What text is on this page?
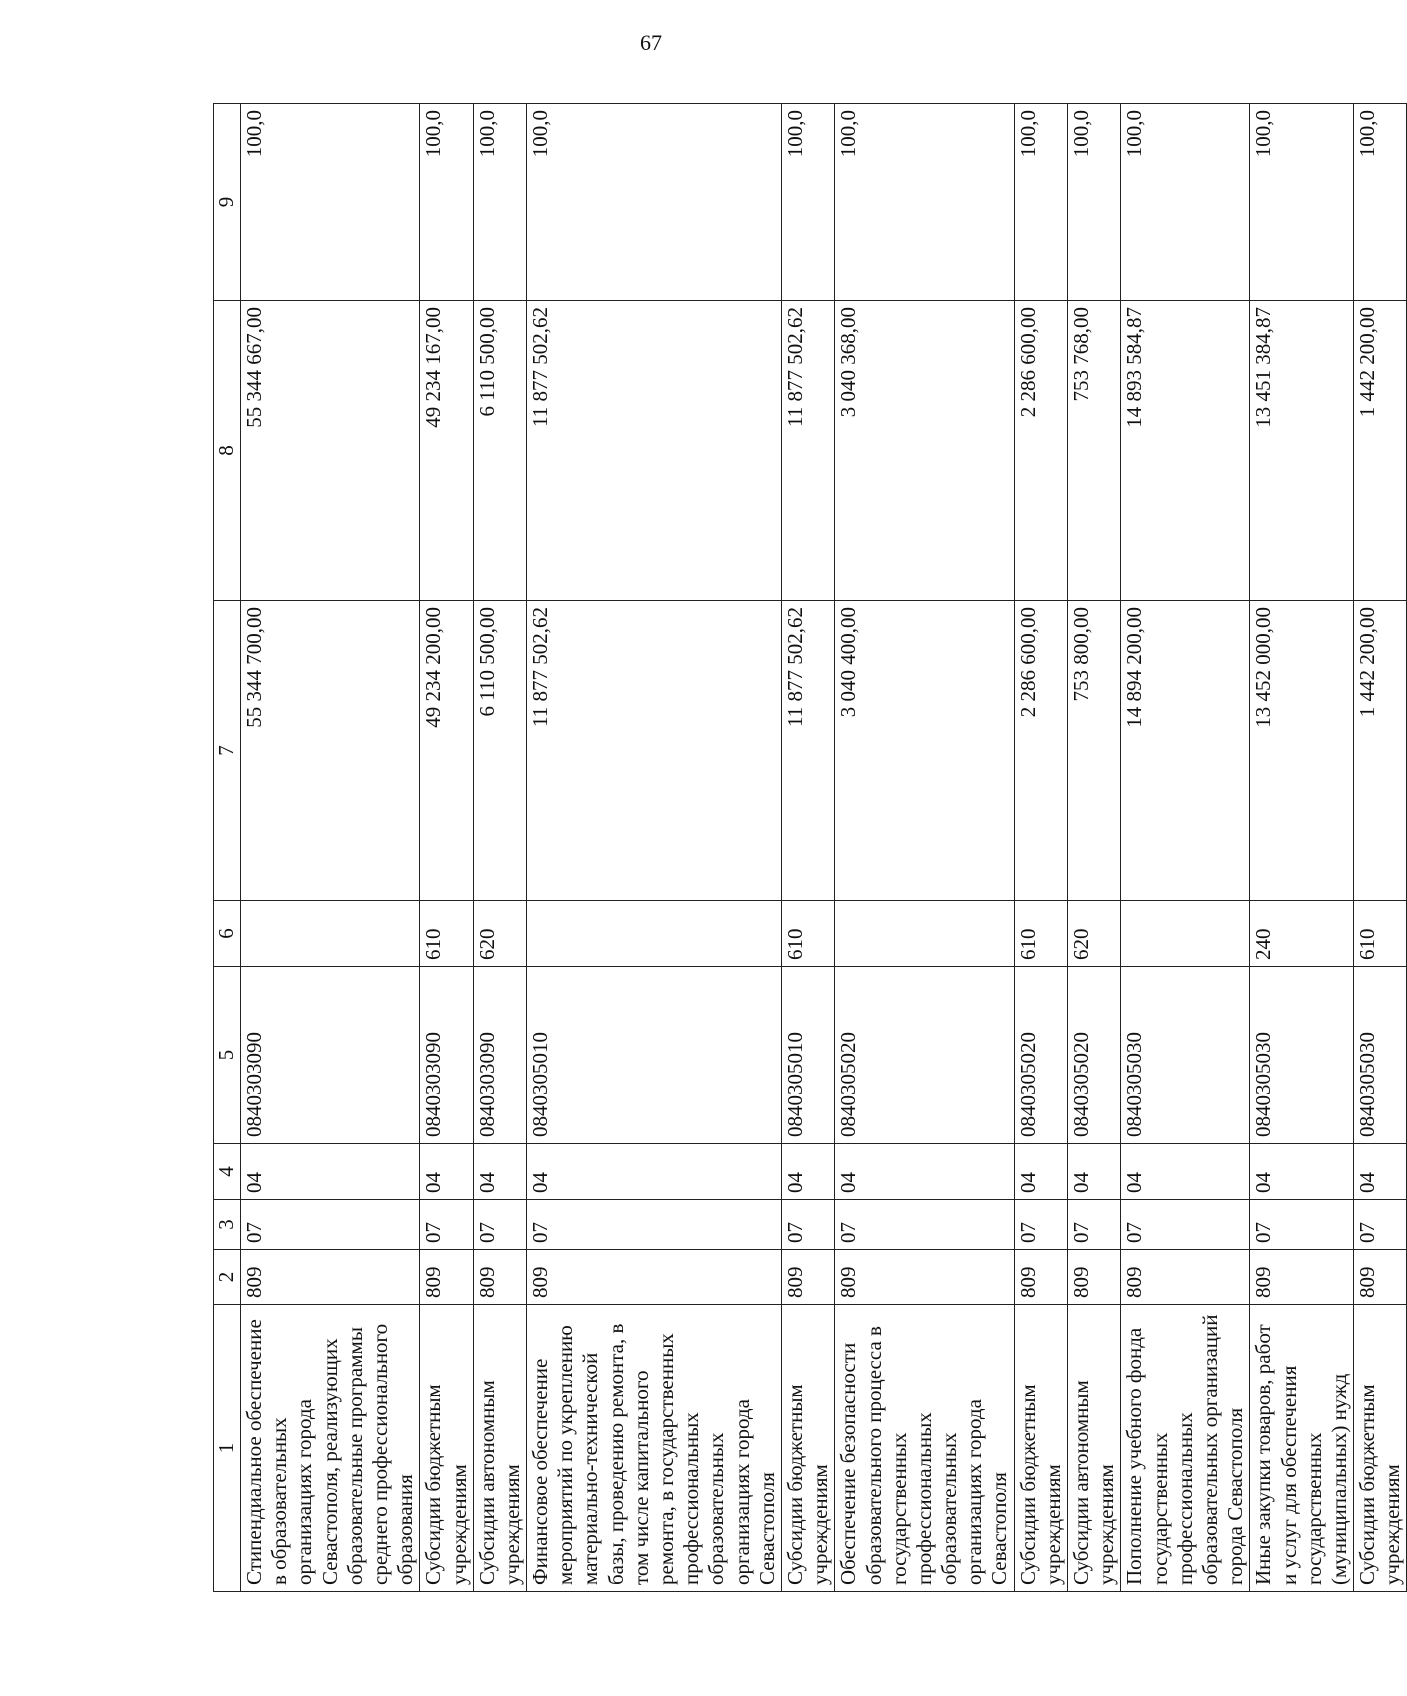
67
1	2	3	4	5	6	7	8	9
Стипендиальное обеспечение в образовательных организациях города Севастополя, реализующих образовательные программы среднего профессионального образования	809	07	04	0840303090		55 344 700,00	55 344 667,00	100,0
Субсидии бюджетным учреждениям	809	07	04	0840303090	610	49 234 200,00	49 234 167,00	100,0
Субсидии автономным учреждениям	809	07	04	0840303090	620	6 110 500,00	6 110 500,00	100,0
Финансовое обеспечение мероприятий по укреплению материально-технической базы, проведению ремонта, в том числе капитального ремонта, в государственных профессиональных образовательных организациях города Севастополя	809	07	04	0840305010		11 877 502,62	11 877 502,62	100,0
Субсидии бюджетным учреждениям	809	07	04	0840305010	610	11 877 502,62	11 877 502,62	100,0
Обеспечение безопасности образовательного процесса в государственных профессиональных образовательных организациях города Севастополя	809	07	04	0840305020		3 040 400,00	3 040 368,00	100,0
Субсидии бюджетным учреждениям	809	07	04	0840305020	610	2 286 600,00	2 286 600,00	100,0
Субсидии автономным учреждениям	809	07	04	0840305020	620	753 800,00	753 768,00	100,0
Пополнение учебного фонда государственных профессиональных образовательных организаций города Севастополя	809	07	04	0840305030		14 894 200,00	14 893 584,87	100,0
Иные закупки товаров, работ и услуг для обеспечения государственных (муниципальных) нужд	809	07	04	0840305030	240	13 452 000,00	13 451 384,87	100,0
Субсидии бюджетным учреждениям	809	07	04	0840305030	610	1 442 200,00	1 442 200,00	100,0
